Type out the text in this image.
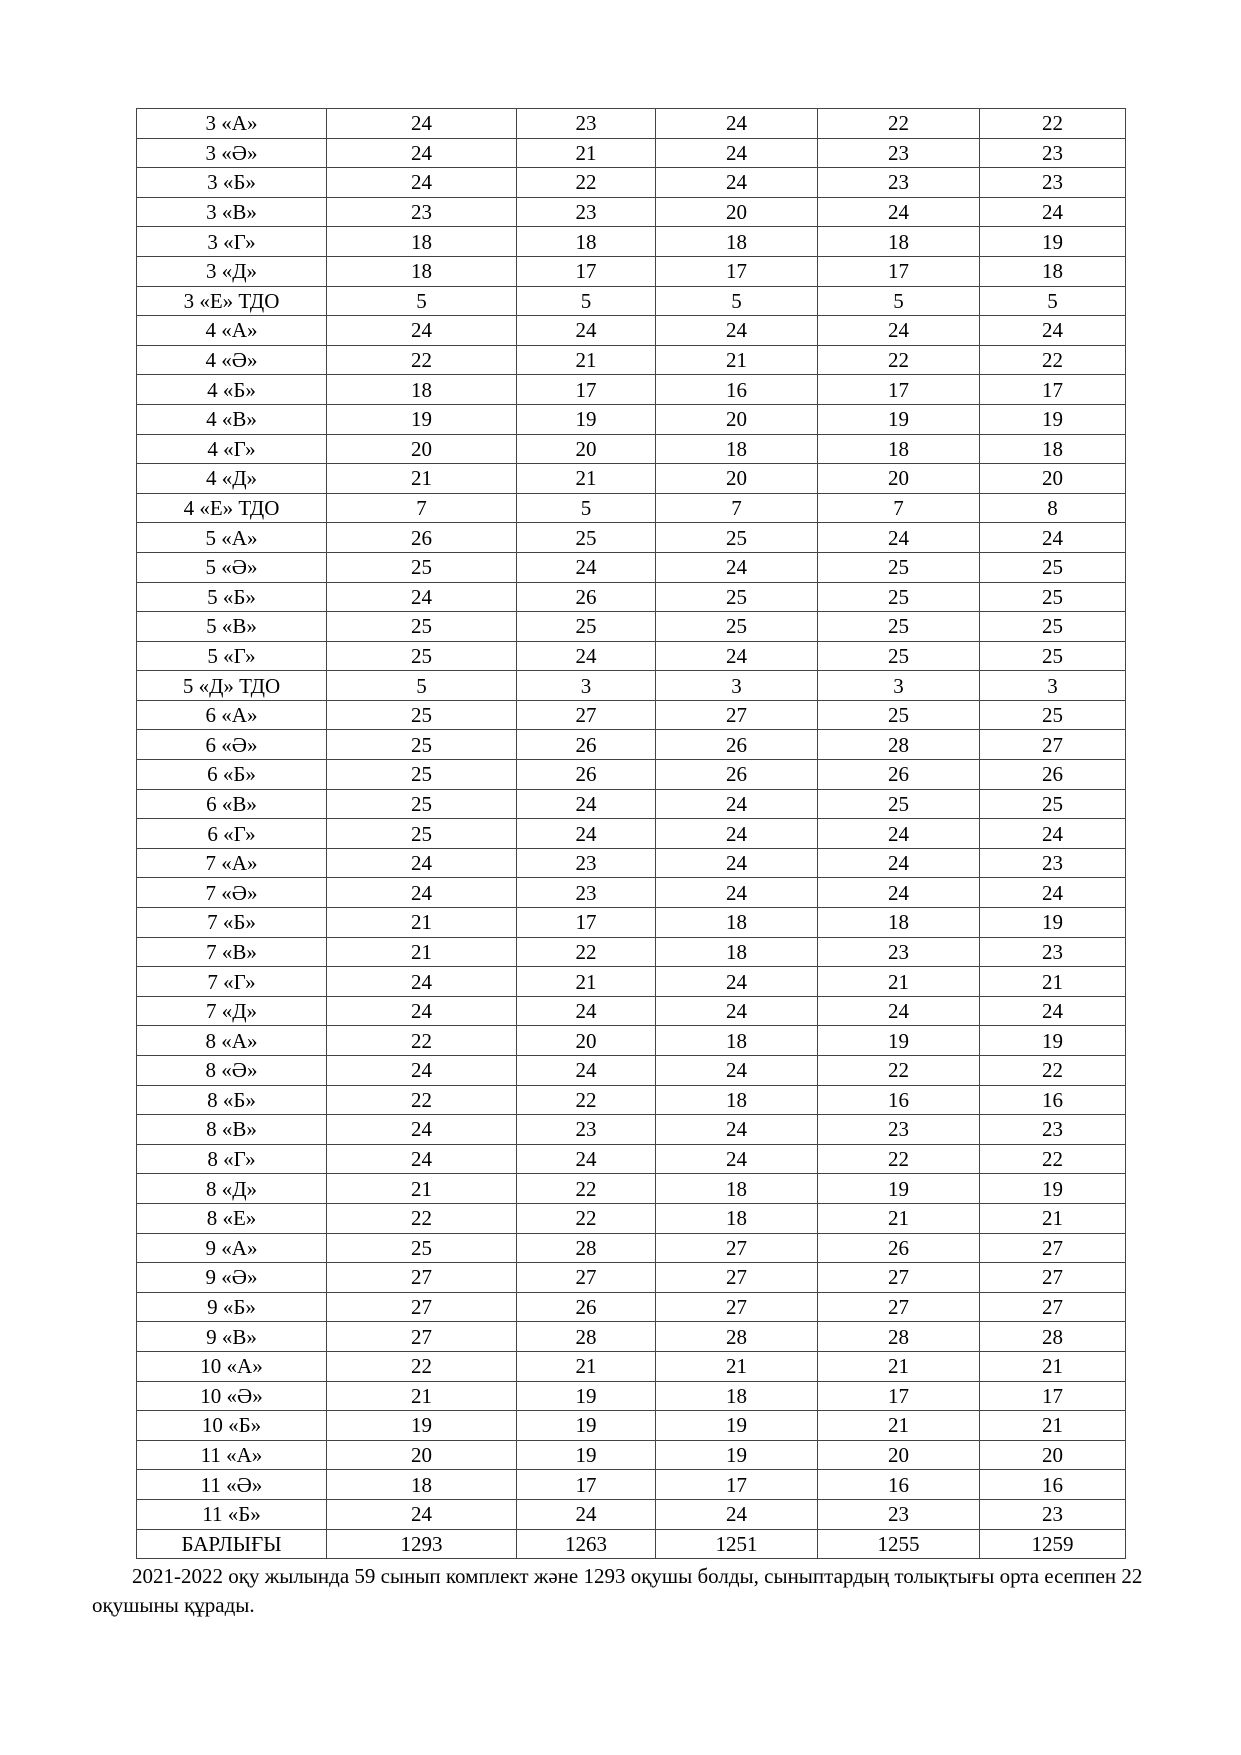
3 «А»	24	23	24	22	22
3 «Ә»	24	21	24	23	23
3 «Б»	24	22	24	23	23
3 «В»	23	23	20	24	24
3 «Г»	18	18	18	18	19
3 «Д»	18	17	17	17	18
3 «Е» ТДО	5	5	5	5	5
4 «А»	24	24	24	24	24
4 «Ә»	22	21	21	22	22
4 «Б»	18	17	16	17	17
4 «В»	19	19	20	19	19
4 «Г»	20	20	18	18	18
4 «Д»	21	21	20	20	20
4 «Е» ТДО	7	5	7	7	8
5 «А»	26	25	25	24	24
5 «Ә»	25	24	24	25	25
5 «Б»	24	26	25	25	25
5 «В»	25	25	25	25	25
5 «Г»	25	24	24	25	25
5 «Д» ТДО	5	3	3	3	3
6 «А»	25	27	27	25	25
6 «Ә»	25	26	26	28	27
6 «Б»	25	26	26	26	26
6 «В»	25	24	24	25	25
6 «Г»	25	24	24	24	24
7 «А»	24	23	24	24	23
7 «Ә»	24	23	24	24	24
7 «Б»	21	17	18	18	19
7 «В»	21	22	18	23	23
7 «Г»	24	21	24	21	21
7 «Д»	24	24	24	24	24
8 «А»	22	20	18	19	19
8 «Ә»	24	24	24	22	22
8 «Б»	22	22	18	16	16
8 «В»	24	23	24	23	23
8 «Г»	24	24	24	22	22
8 «Д»	21	22	18	19	19
8 «Е»	22	22	18	21	21
9 «А»	25	28	27	26	27
9 «Ә»	27	27	27	27	27
9 «Б»	27	26	27	27	27
9 «В»	27	28	28	28	28
10 «А»	22	21	21	21	21
10 «Ә»	21	19	18	17	17
10 «Б»	19	19	19	21	21
11 «А»	20	19	19	20	20
11 «Ә»	18	17	17	16	16
11 «Б»	24	24	24	23	23
БАРЛЫҒЫ	1293	1263	1251	1255	1259

2021-2022 оқу жылында 59 сынып комплект және 1293 оқушы болды, сыныптардың толықтығы орта есеппен 22 оқушыны құрады.
